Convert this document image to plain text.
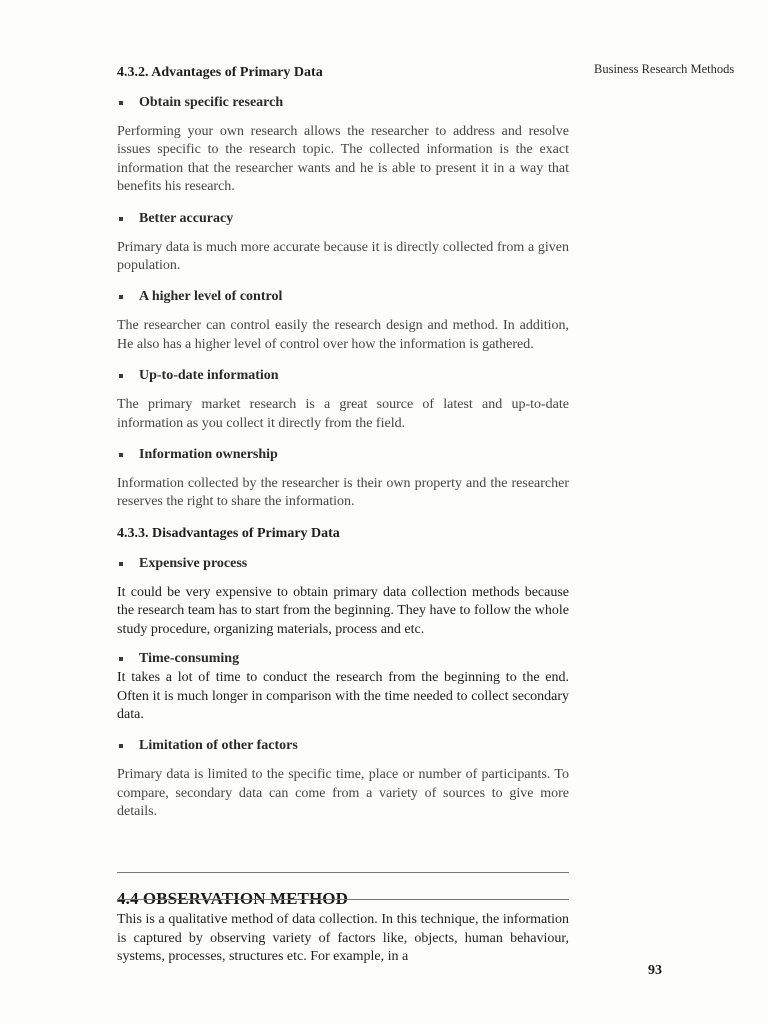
Business Research Methods
4.3.2. Advantages of Primary Data
Obtain specific research

Performing your own research allows the researcher to address and resolve issues specific to the research topic. The collected information is the exact information that the researcher wants and he is able to present it in a way that benefits his research.

Better accuracy

Primary data is much more accurate because it is directly collected from a given population.

A higher level of control

The researcher can control easily the research design and method. In addition, He also has a higher level of control over how the information is gathered.

Up-to-date information

The primary market research is a great source of latest and up-to-date information as you collect it directly from the field.

Information ownership

Information collected by the researcher is their own property and the researcher reserves the right to share the information.

4.3.3. Disadvantages of Primary Data
Expensive process

It could be very expensive to obtain primary data collection methods because the research team has to start from the beginning. They have to follow the whole study procedure, organizing materials, process and etc.

Time-consuming

It takes a lot of time to conduct the research from the beginning to the end. Often it is much longer in comparison with the time needed to collect secondary data.

Limitation of other factors

Primary data is limited to the specific time, place or number of participants. To compare, secondary data can come from a variety of sources to give more details.

4.4 OBSERVATION METHOD

This is a qualitative method of data collection. In this technique, the information is captured by observing variety of factors like, objects, human behaviour, systems, processes, structures etc. For example, in a

93
